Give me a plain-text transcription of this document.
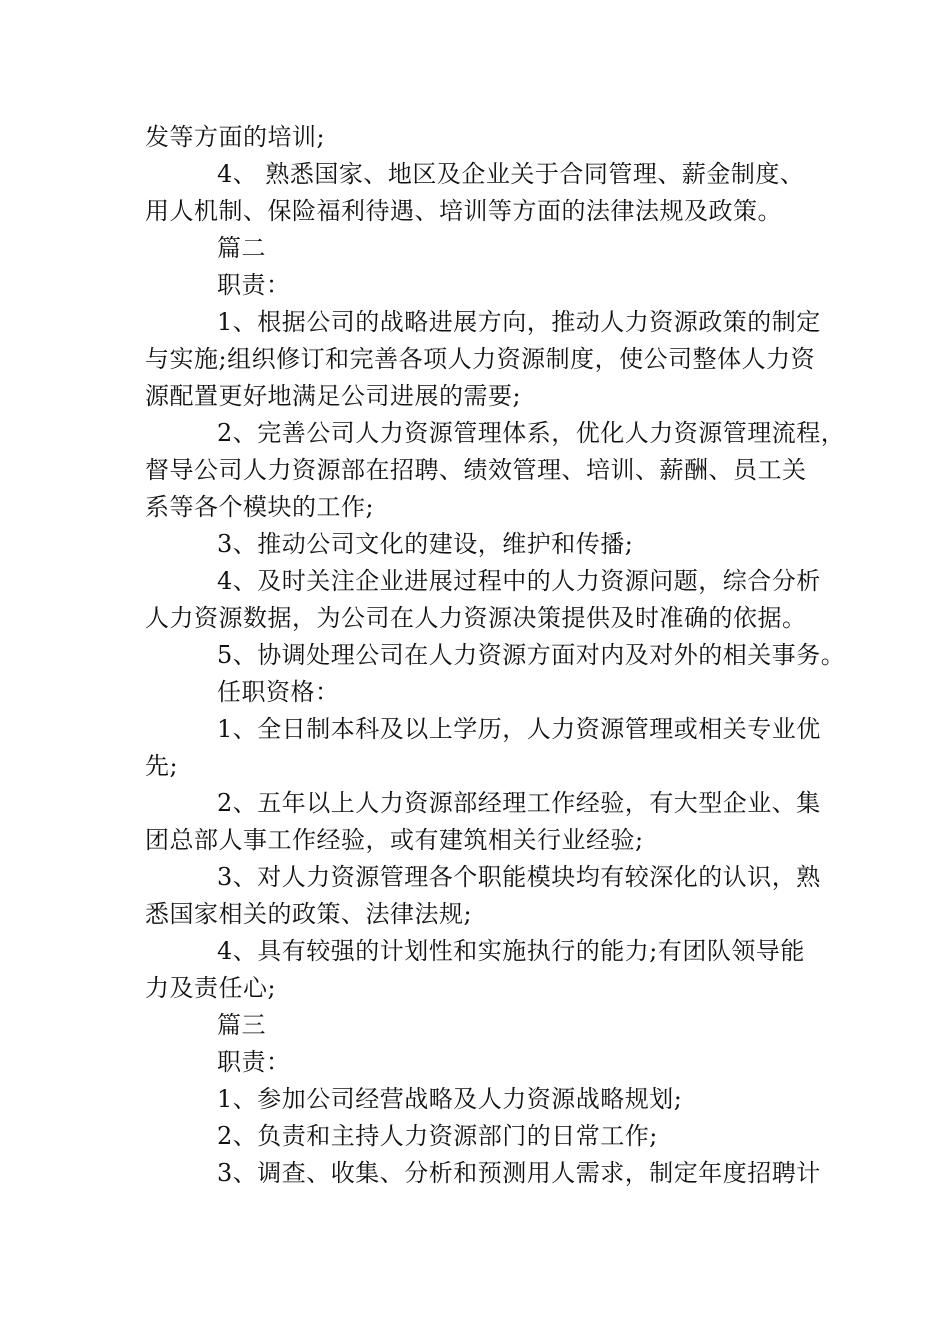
发等方面的培训;
4、 熟悉国家、地区及企业关于合同管理、薪金制度、
用人机制、保险福利待遇、培训等方面的法律法规及政策。
篇二
职责：
1、根据公司的战略进展方向，推动人力资源政策的制定
与实施;组织修订和完善各项人力资源制度，使公司整体人力资
源配置更好地满足公司进展的需要;
2、完善公司人力资源管理体系，优化人力资源管理流程，
督导公司人力资源部在招聘、绩效管理、培训、薪酬、员工关
系等各个模块的工作;
3、推动公司文化的建设，维护和传播;
4、及时关注企业进展过程中的人力资源问题，综合分析
人力资源数据，为公司在人力资源决策提供及时准确的依据。
5、协调处理公司在人力资源方面对内及对外的相关事务。
任职资格：
1、全日制本科及以上学历，人力资源管理或相关专业优
先;
2、五年以上人力资源部经理工作经验，有大型企业、集
团总部人事工作经验，或有建筑相关行业经验;
3、对人力资源管理各个职能模块均有较深化的认识，熟
悉国家相关的政策、法律法规;
4、具有较强的计划性和实施执行的能力;有团队领导能
力及责任心;
篇三
职责：
1、参加公司经营战略及人力资源战略规划;
2、负责和主持人力资源部门的日常工作;
3、调查、收集、分析和预测用人需求，制定年度招聘计
